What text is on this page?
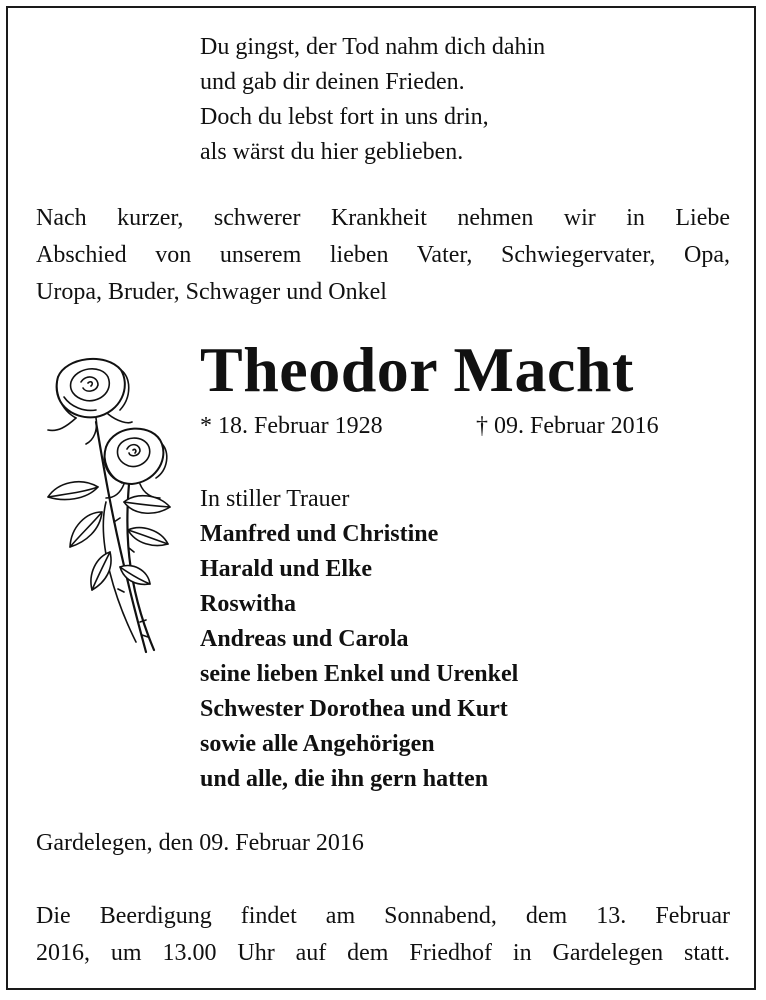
Du gingst, der Tod nahm dich dahin
und gab dir deinen Frieden.
Doch du lebst fort in uns drin,
als wärst du hier geblieben.
Nach kurzer, schwerer Krankheit nehmen wir in Liebe
Abschied von unserem lieben Vater, Schwiegervater, Opa,
Uropa, Bruder, Schwager und Onkel
Theodor Macht
* 18. Februar 1928	† 09. Februar 2016
In stiller Trauer
Manfred und Christine
Harald und Elke
Roswitha
Andreas und Carola
seine lieben Enkel und Urenkel
Schwester Dorothea und Kurt
sowie alle Angehörigen
und alle, die ihn gern hatten
Gardelegen, den 09. Februar 2016
Die Beerdigung findet am Sonnabend, dem 13. Februar
2016, um 13.00 Uhr auf dem Friedhof in Gardelegen statt.
